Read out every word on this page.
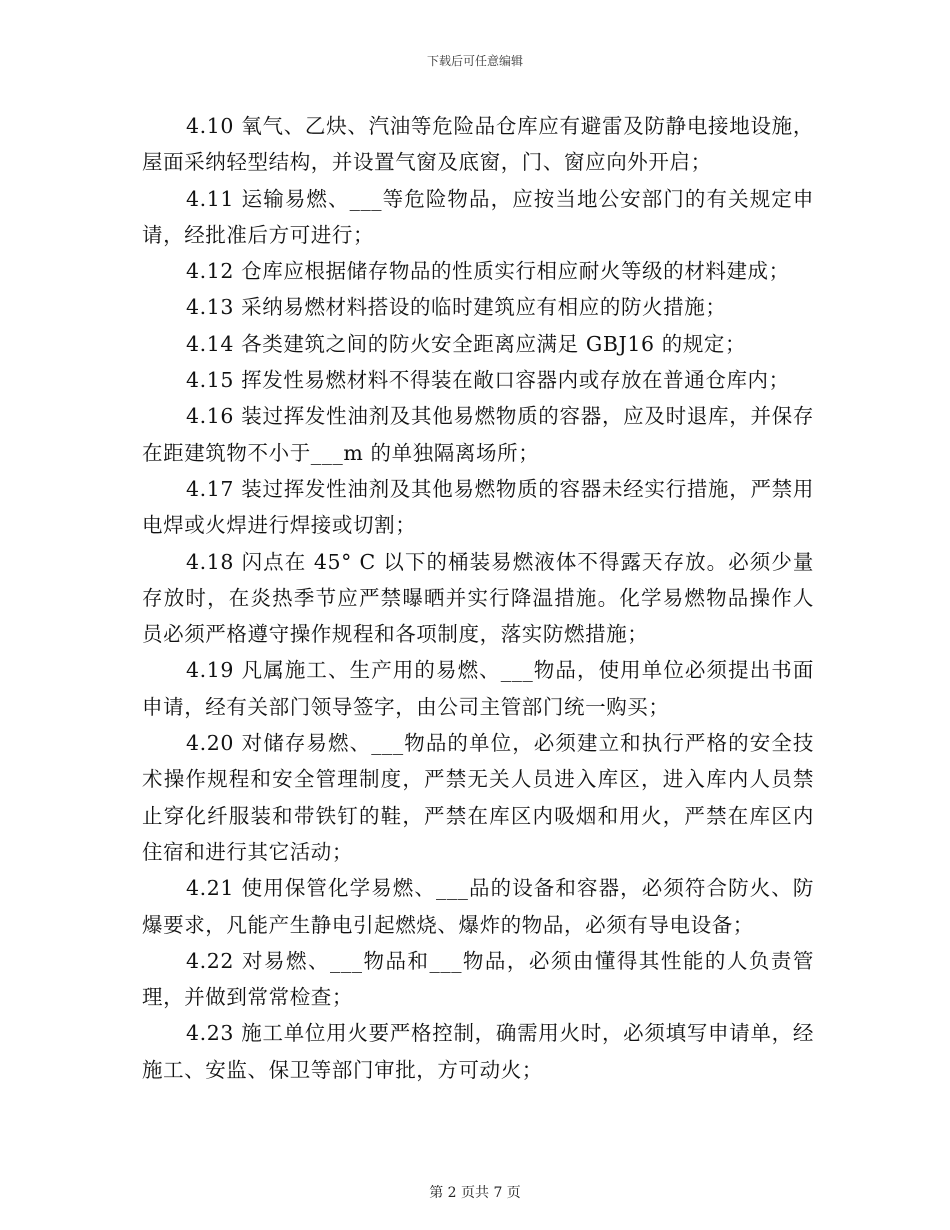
下载后可任意编辑

4.10 氧气、乙炔、汽油等危险品仓库应有避雷及防静电接地设施，屋面采纳轻型结构，并设置气窗及底窗，门、窗应向外开启；

4.11 运输易燃、___等危险物品，应按当地公安部门的有关规定申请，经批准后方可进行；

4.12 仓库应根据储存物品的性质实行相应耐火等级的材料建成；

4.13 采纳易燃材料搭设的临时建筑应有相应的防火措施；

4.14 各类建筑之间的防火安全距离应满足 GBJ16 的规定；

4.15 挥发性易燃材料不得装在敞口容器内或存放在普通仓库内；

4.16 装过挥发性油剂及其他易燃物质的容器，应及时退库，并保存在距建筑物不小于___m 的单独隔离场所；

4.17 装过挥发性油剂及其他易燃物质的容器未经实行措施，严禁用电焊或火焊进行焊接或切割；

4.18 闪点在 45° C 以下的桶装易燃液体不得露天存放。必须少量存放时，在炎热季节应严禁曝晒并实行降温措施。化学易燃物品操作人员必须严格遵守操作规程和各项制度，落实防燃措施；

4.19 凡属施工、生产用的易燃、___物品，使用单位必须提出书面申请，经有关部门领导签字，由公司主管部门统一购买；

4.20 对储存易燃、___物品的单位，必须建立和执行严格的安全技术操作规程和安全管理制度，严禁无关人员进入库区，进入库内人员禁止穿化纤服装和带铁钉的鞋，严禁在库区内吸烟和用火，严禁在库区内住宿和进行其它活动；

4.21 使用保管化学易燃、___品的设备和容器，必须符合防火、防爆要求，凡能产生静电引起燃烧、爆炸的物品，必须有导电设备；

4.22 对易燃、___物品和___物品，必须由懂得其性能的人负责管理，并做到常常检查；

4.23 施工单位用火要严格控制，确需用火时，必须填写申请单，经施工、安监、保卫等部门审批，方可动火；

第 2 页共 7 页
